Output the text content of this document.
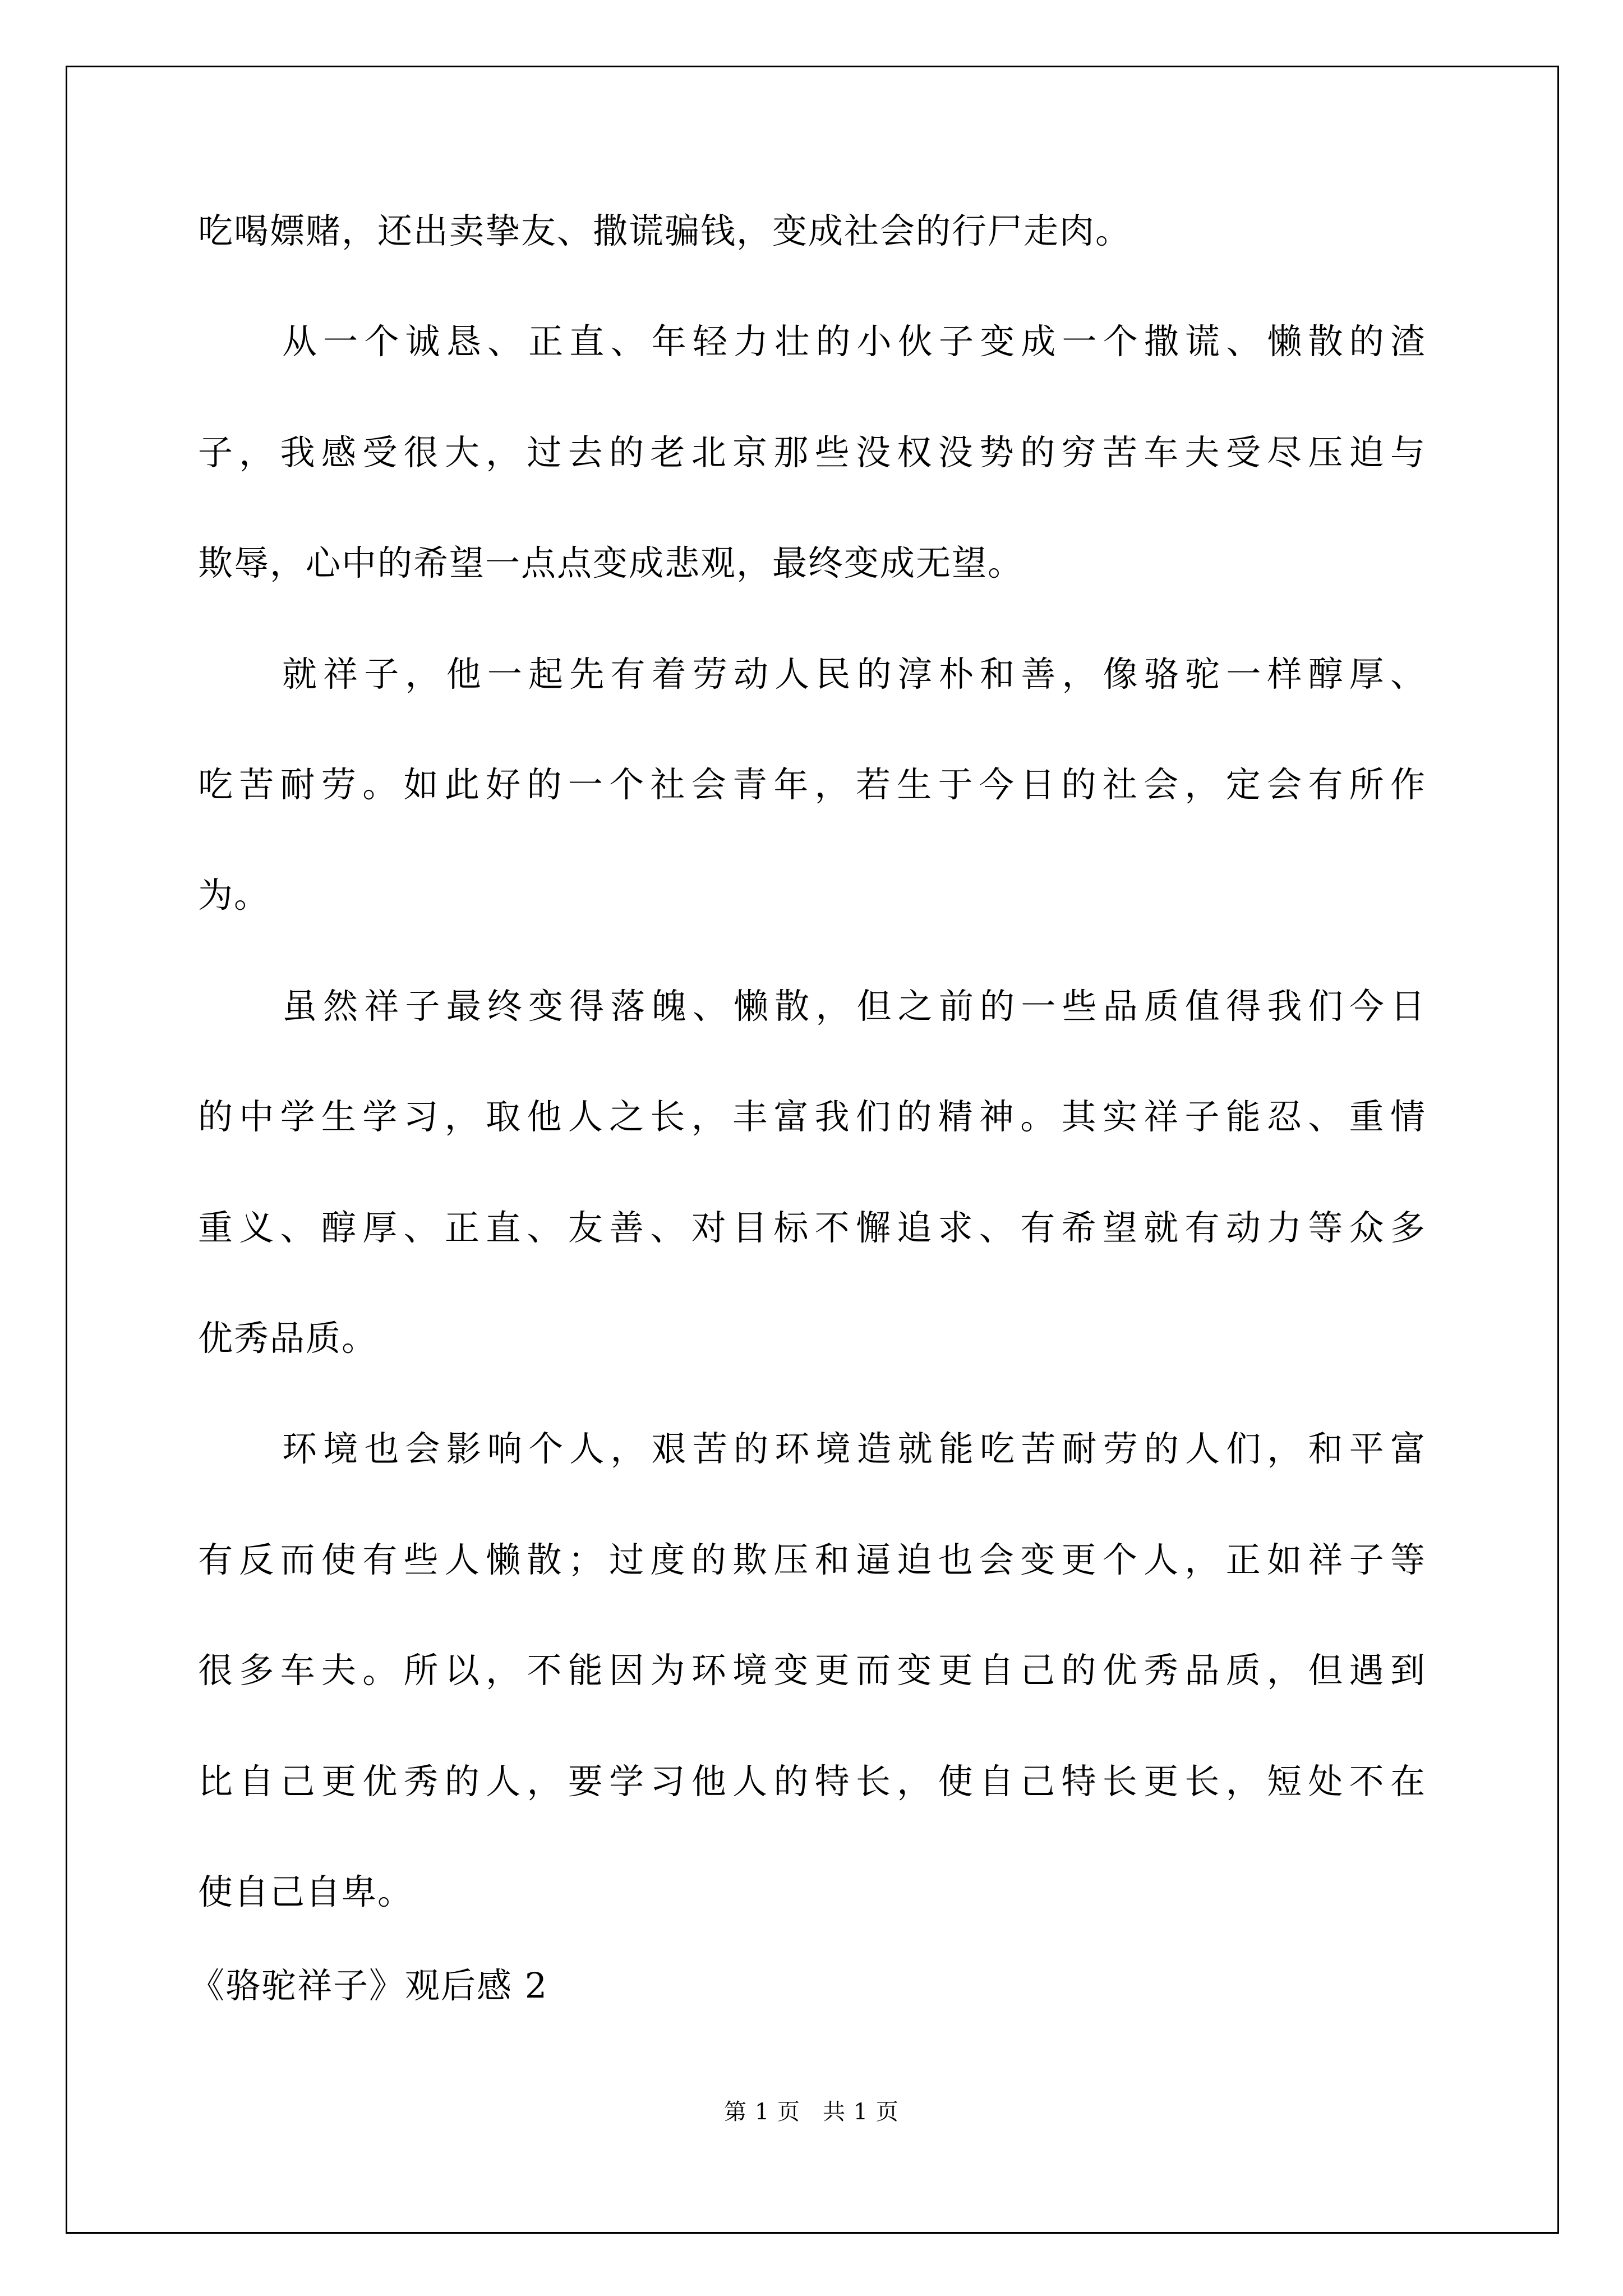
吃喝嫖赌，还出卖挚友、撒谎骗钱，变成社会的行尸走肉。
从一个诚恳、正直、年轻力壮的小伙子变成一个撒谎、懒散的渣
子，我感受很大，过去的老北京那些没权没势的穷苦车夫受尽压迫与
欺辱，心中的希望一点点变成悲观，最终变成无望。
就祥子，他一起先有着劳动人民的淳朴和善，像骆驼一样醇厚、
吃苦耐劳。如此好的一个社会青年，若生于今日的社会，定会有所作
为。
虽然祥子最终变得落魄、懒散，但之前的一些品质值得我们今日
的中学生学习，取他人之长，丰富我们的精神。其实祥子能忍、重情
重义、醇厚、正直、友善、对目标不懈追求、有希望就有动力等众多
优秀品质。
环境也会影响个人，艰苦的环境造就能吃苦耐劳的人们，和平富
有反而使有些人懒散；过度的欺压和逼迫也会变更个人，正如祥子等
很多车夫。所以，不能因为环境变更而变更自己的优秀品质，但遇到
比自己更优秀的人，要学习他人的特长，使自己特长更长，短处不在
使自己自卑。
《骆驼祥子》观后感 2
第 1 页 共 1 页
